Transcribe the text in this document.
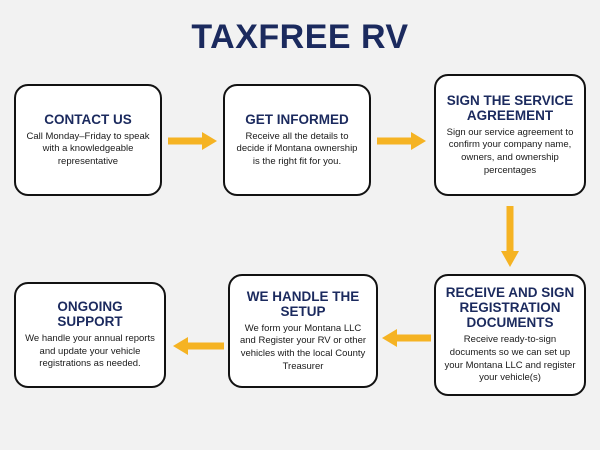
TAXFREE RV
CONTACT US
Call Monday–Friday to speak with a knowledgeable representative
GET INFORMED
Receive all the details to decide if Montana ownership is the right fit for you.
SIGN THE SERVICE AGREEMENT
Sign our service agreement to confirm your company name, owners, and ownership percentages
RECEIVE AND SIGN REGISTRATION DOCUMENTS
Receive ready-to-sign documents so we can set up your Montana LLC and register your vehicle(s)
WE HANDLE THE SETUP
We form your Montana LLC and Register your RV or other vehicles with the local County Treasurer
ONGOING SUPPORT
We handle your annual reports and update your vehicle registrations as needed.
